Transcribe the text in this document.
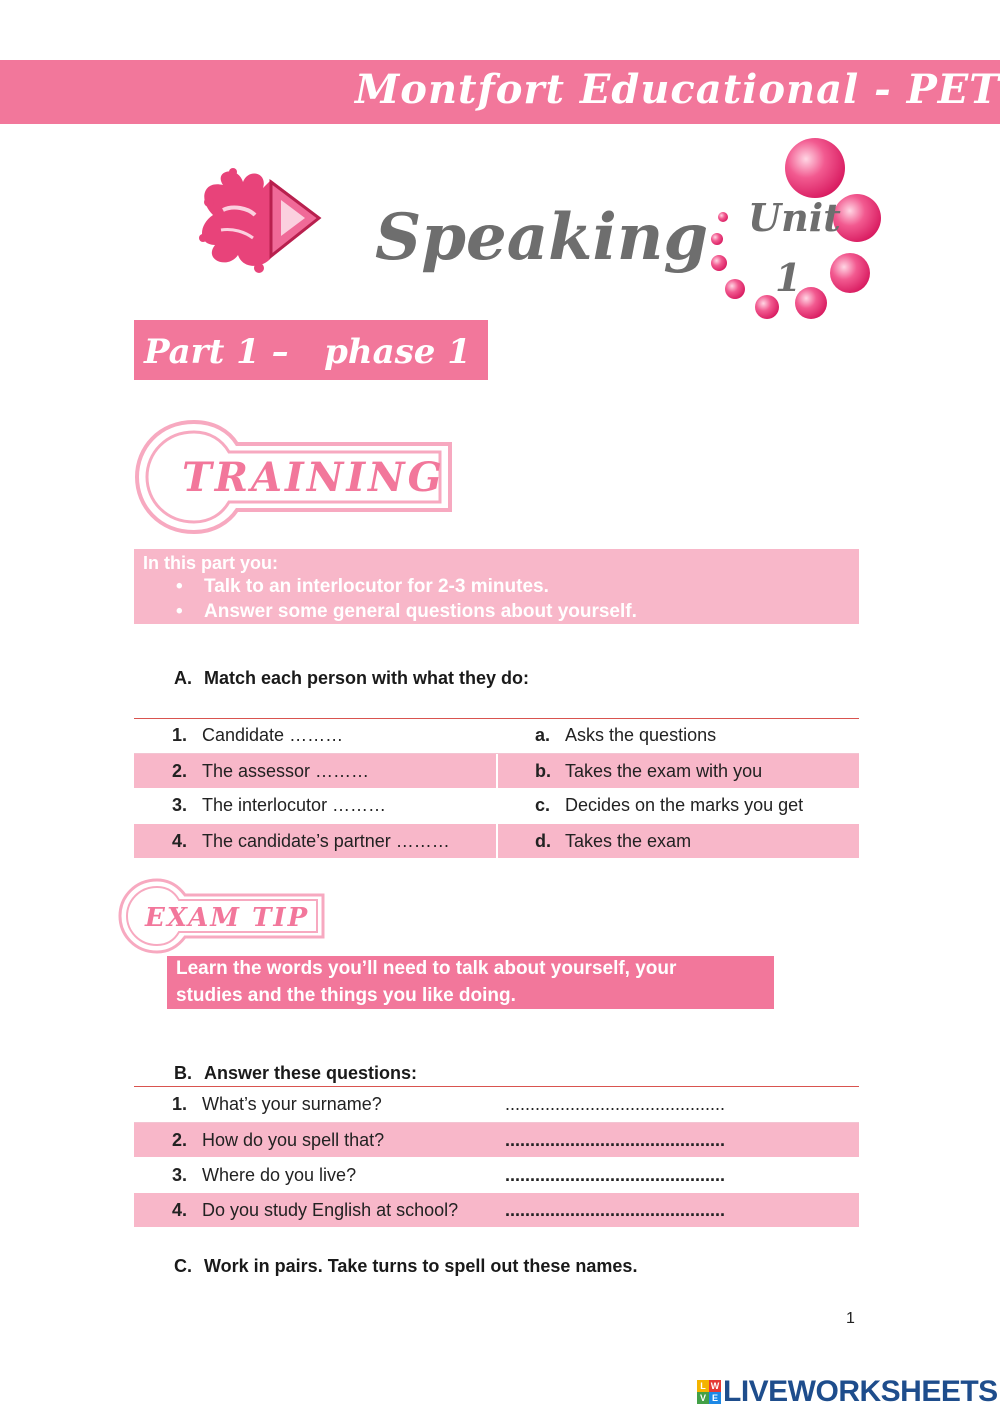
Montfort Educational - PET
Speaking Unit
1
Part 1 –   phase 1
TRAINING
In this part you:
• Talk to an interlocutor for 2-3 minutes.
• Answer some general questions about yourself.
A. Match each person with what they do:
1. Candidate ………	a. Asks the questions
2. The assessor ………	b. Takes the exam with you
3. The interlocutor ………	c. Decides on the marks you get
4. The candidate’s partner ………	d. Takes the exam
EXAM TIP
Learn the words you’ll need to talk about yourself, your
studies and the things you like doing.
B. Answer these questions:
1. What’s your surname?	............................................
2. How do you spell that?	............................................
3. Where do you live?	............................................
4. Do you study English at school?	............................................
C. Work in pairs. Take turns to spell out these names.
1
L W
V E LIVEWORKSHEETS
